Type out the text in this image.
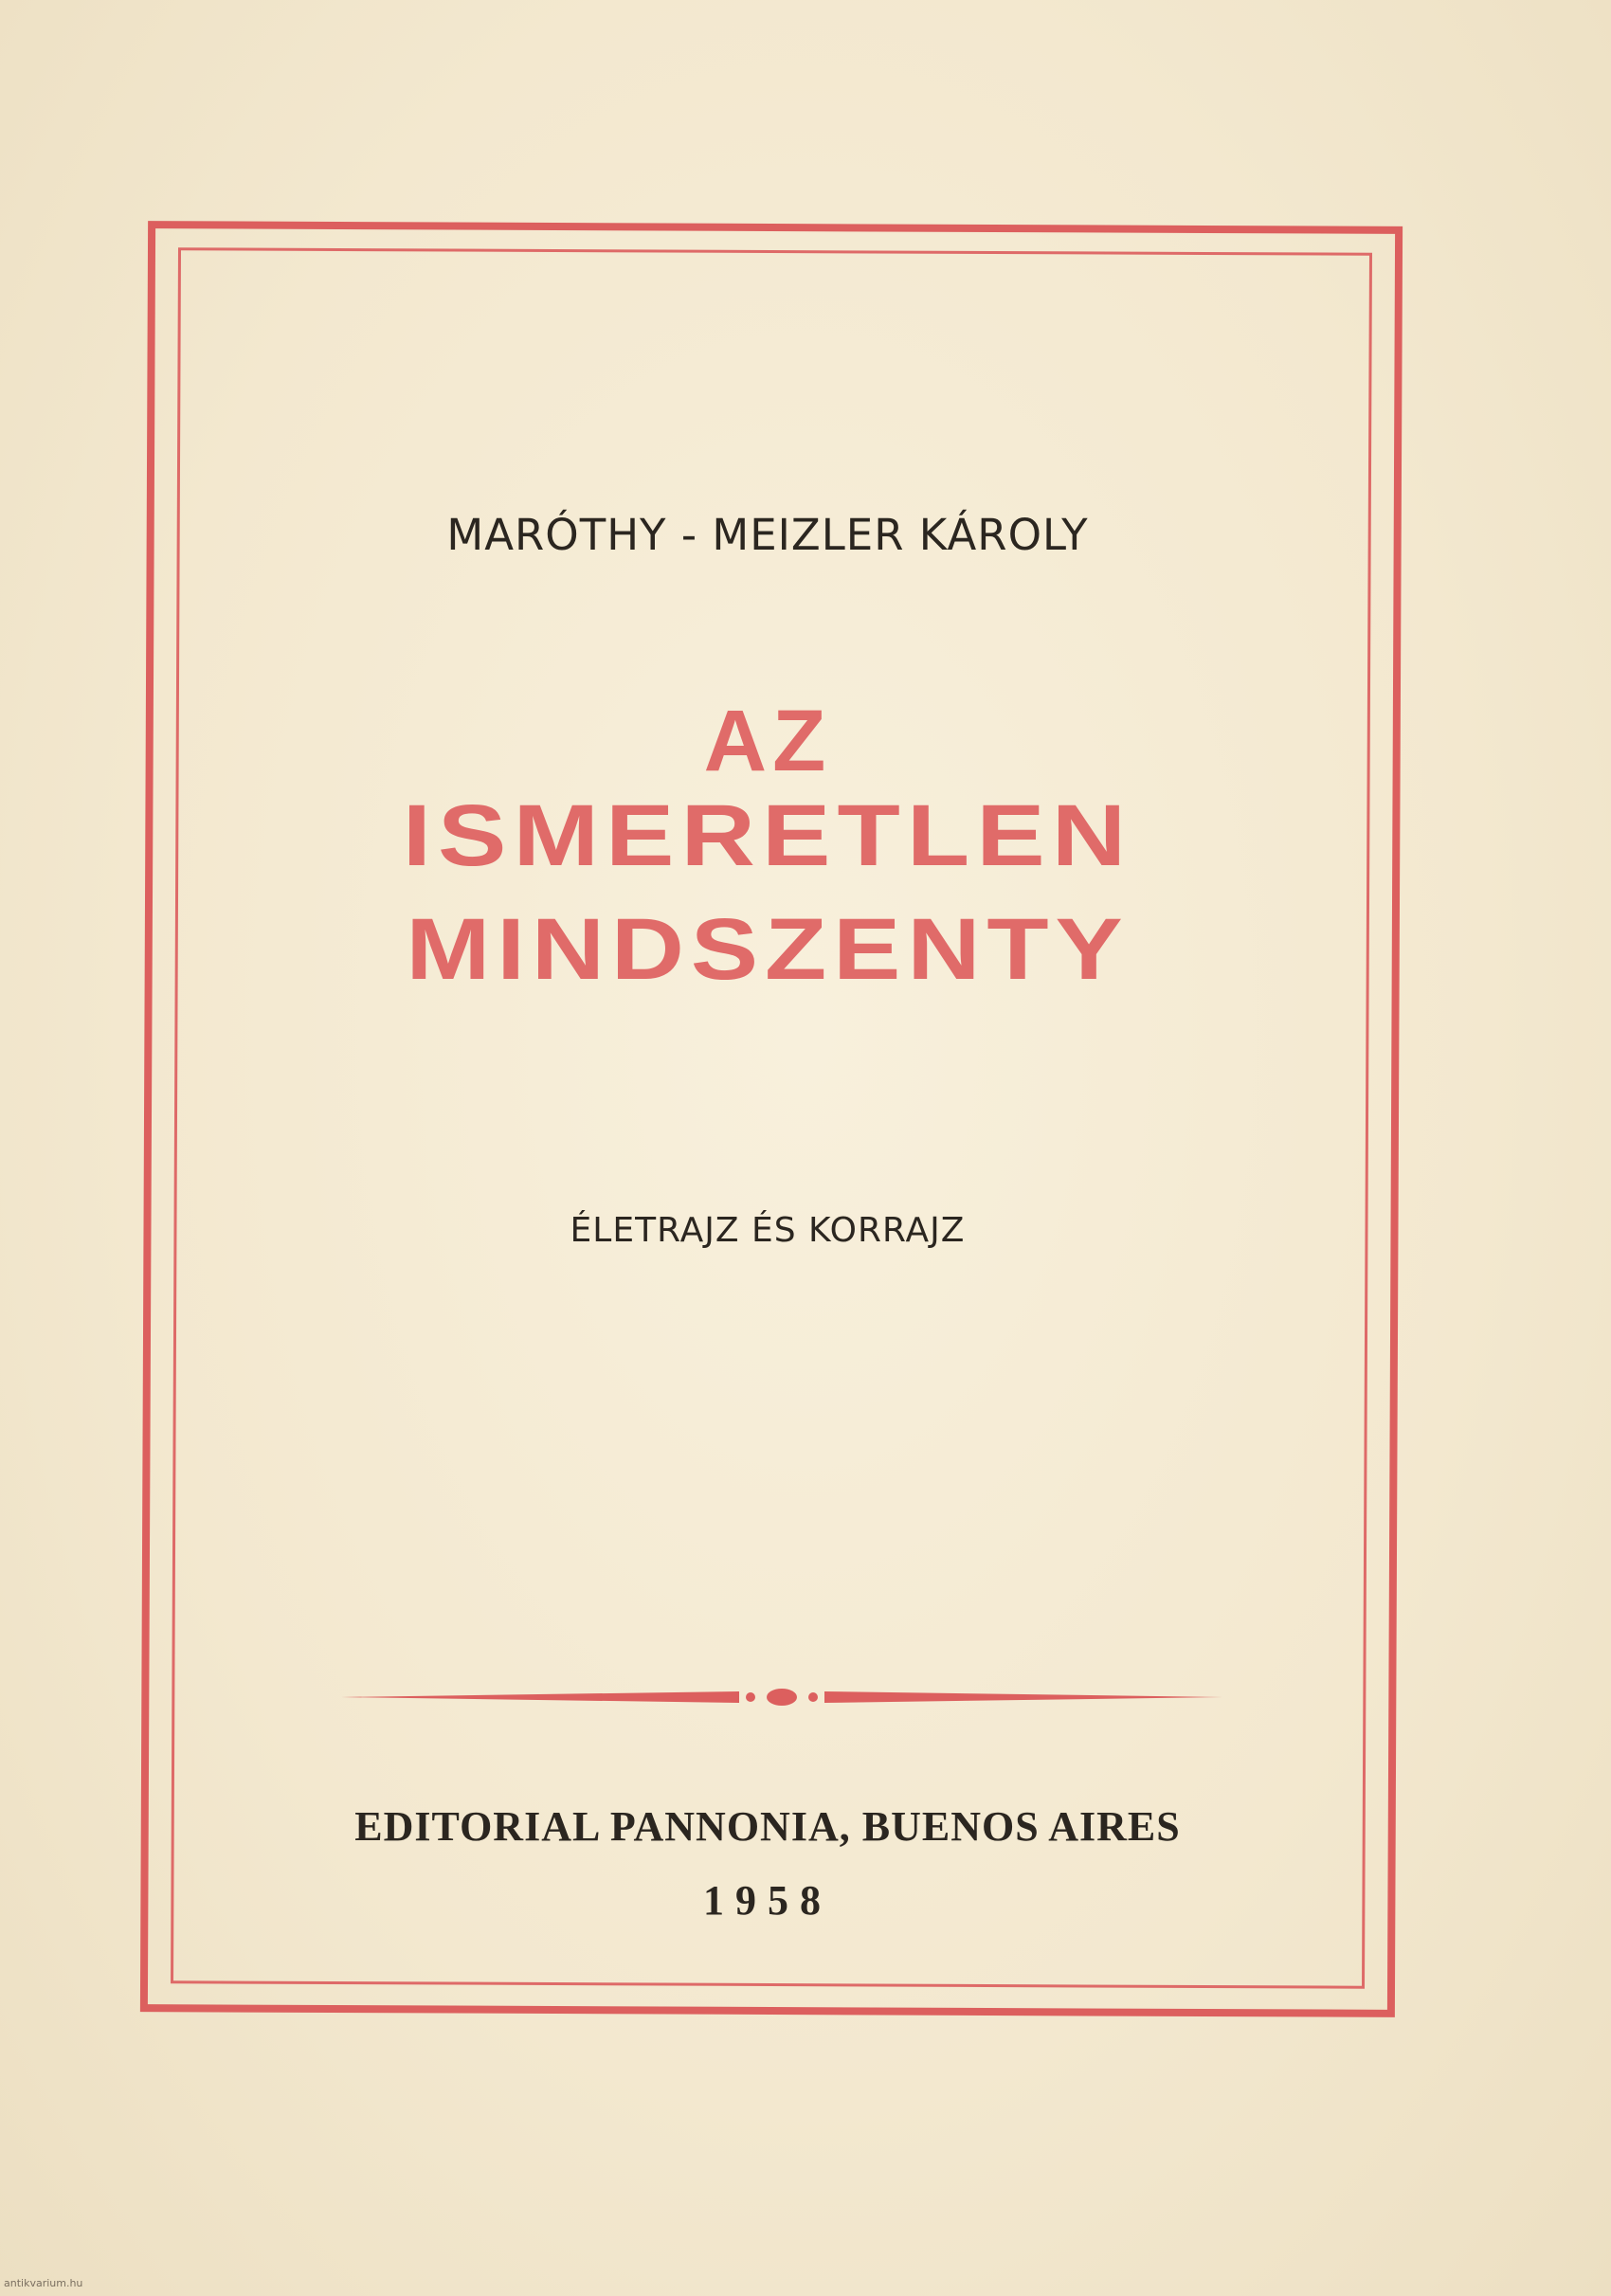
MARÓTHY - MEIZLER KÁROLY
AZ
ISMERETLEN
MINDSZENTY
ÉLETRAJZ ÉS KORRAJZ
EDITORIAL PANNONIA, BUENOS AIRES
1958
antikvarium.hu
